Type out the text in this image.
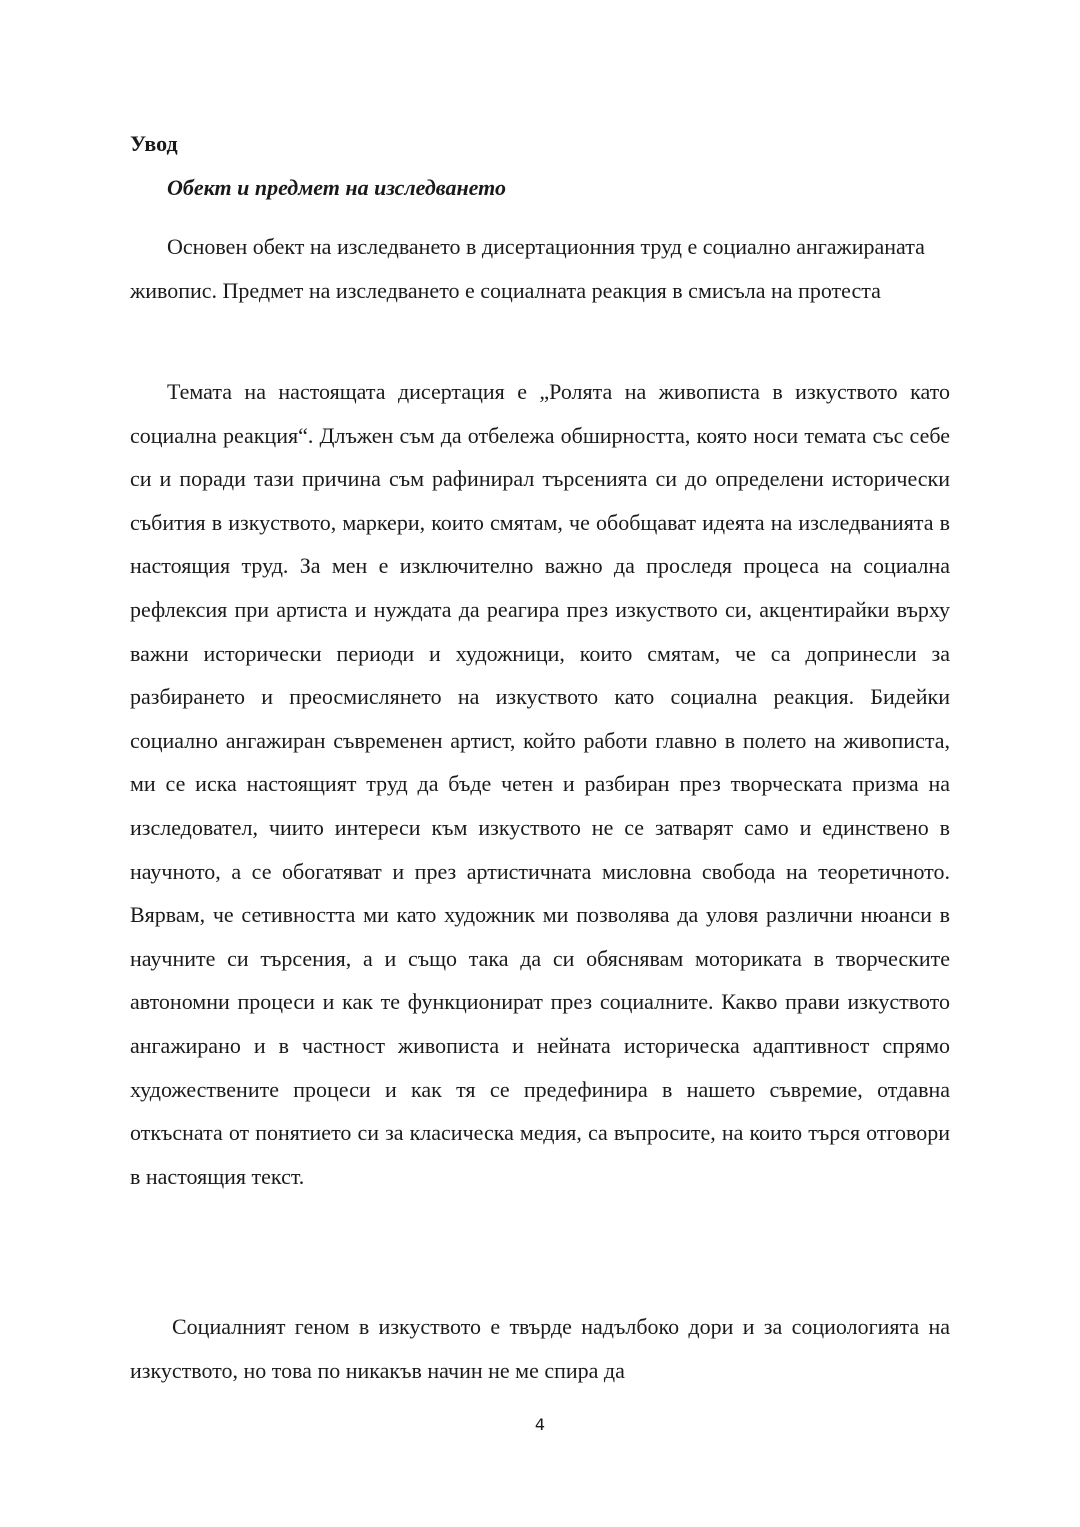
Увод
Обект и предмет на изследването

Основен обект на изследването в дисертационния труд е социално ангажираната живопис. Предмет на изследването е социалната реакция в смисъла на протеста

Темата на настоящата дисертация е „Ролята на живописта в изкуството като социална реакция“. Длъжен съм да отбележа обширността, която носи темата със себе си и поради тази причина съм рафинирал търсенията си до определени исторически събития в изкуството, маркери, които смятам, че обобщават идеята на изследванията в настоящия труд. За мен е изключително важно да проследя процеса на социална рефлексия при артиста и нуждата да реагира през изкуството си, акцентирайки върху важни исторически периоди и художници, които смятам, че са допринесли за разбирането и преосмислянето на изкуството като социална реакция. Бидейки социално ангажиран съвременен артист, който работи главно в полето на живописта, ми се иска настоящият труд да бъде четен и разбиран през творческата призма на изследовател, чиито интереси към изкуството не се затварят само и единствено в научното, а се обогатяват и през артистичната мисловна свобода на теоретичното. Вярвам, че сетивността ми като художник ми позволява да уловя различни нюанси в научните си търсения, а и също така да си обяснявам моториката в творческите автономни процеси и как те функционират през социалните. Какво прави изкуството ангажирано и в частност живописта и нейната историческа адаптивност спрямо художествените процеси и как тя се предефинира в нашето съвремие, отдавна откъсната от понятието си за класическа медия, са въпросите, на които търся отговори в настоящия текст.

Социалният геном в изкуството е твърде надълбоко дори и за социологията на изкуството, но това по никакъв начин не ме спира да

4
